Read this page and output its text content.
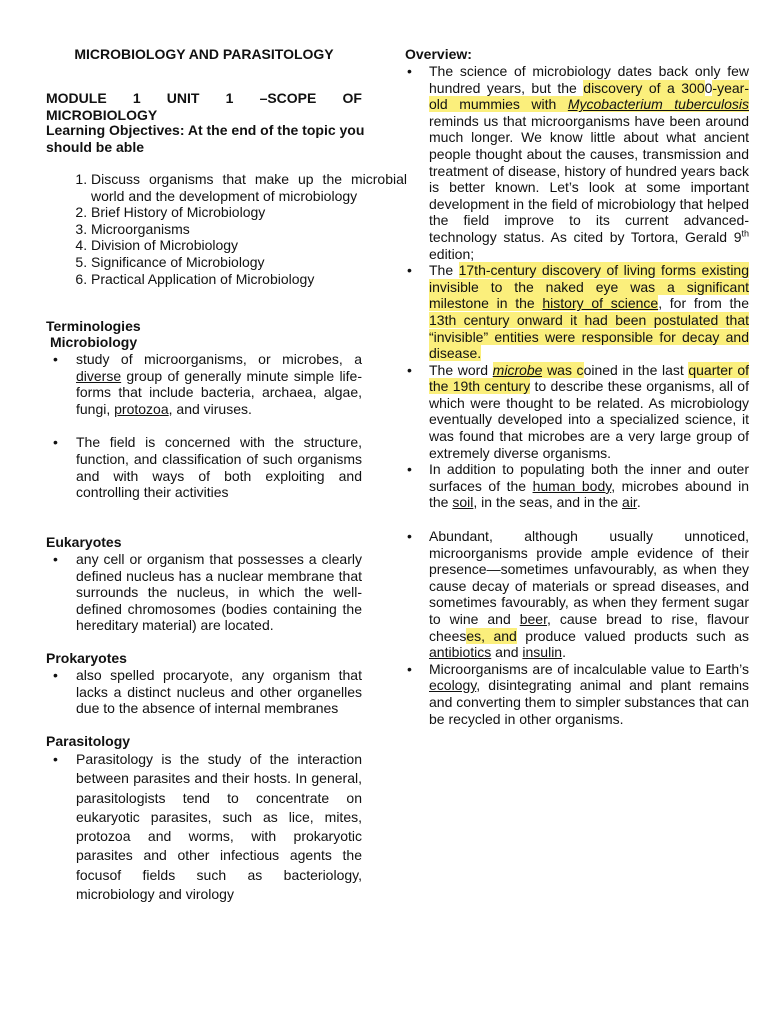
MICROBIOLOGY AND PARASITOLOGY
MODULE 1 UNIT 1 –SCOPE OF
MICROBIOLOGY
Learning Objectives: At the end of the topic you should be able
1. Discuss organisms that make up the microbial world and the development of microbiology
2. Brief History of Microbiology
3. Microorganisms
4. Division of Microbiology
5. Significance of Microbiology
6. Practical Application of Microbiology
Terminologies
Microbiology
• study of microorganisms, or microbes, a diverse group of generally minute simple life-forms that include bacteria, archaea, algae, fungi, protozoa, and viruses.
• The field is concerned with the structure, function, and classification of such organisms and with ways of both exploiting and controlling their activities
Eukaryotes
• any cell or organism that possesses a clearly defined nucleus has a nuclear membrane that surrounds the nucleus, in which the well-defined chromosomes (bodies containing the hereditary material) are located.
Prokaryotes
• also spelled procaryote, any organism that lacks a distinct nucleus and other organelles due to the absence of internal membranes
Parasitology
• Parasitology is the study of the interaction between parasites and their hosts. In general, parasitologists tend to concentrate on eukaryotic parasites, such as lice, mites, protozoa and worms, with prokaryotic parasites and other infectious agents the focusof fields such as bacteriology, microbiology and virology
Overview:
• The science of microbiology dates back only few hundred years, but the discovery of a 3000-year-old mummies with Mycobacterium tuberculosis reminds us that microorganisms have been around much longer. We know little about what ancient people thought about the causes, transmission and treatment of disease, history of hundred years back is better known. Let’s look at some important development in the field of microbiology that helped the field improve to its current advanced-technology status. As cited by Tortora, Gerald 9th edition;
• The 17th-century discovery of living forms existing invisible to the naked eye was a significant milestone in the history of science, for from the 13th century onward it had been postulated that “invisible” entities were responsible for decay and disease.
• The word microbe was coined in the last quarter of the 19th century to describe these organisms, all of which were thought to be related. As microbiology eventually developed into a specialized science, it was found that microbes are a very large group of extremely diverse organisms.
• In addition to populating both the inner and outer surfaces of the human body, microbes abound in the soil, in the seas, and in the air.
• Abundant, although usually unnoticed, microorganisms provide ample evidence of their presence—sometimes unfavourably, as when they cause decay of materials or spread diseases, and sometimes favourably, as when they ferment sugar to wine and beer, cause bread to rise, flavour cheeses, and produce valued products such as antibiotics and insulin.
• Microorganisms are of incalculable value to Earth’s ecology, disintegrating animal and plant remains and converting them to simpler substances that can be recycled in other organisms.
